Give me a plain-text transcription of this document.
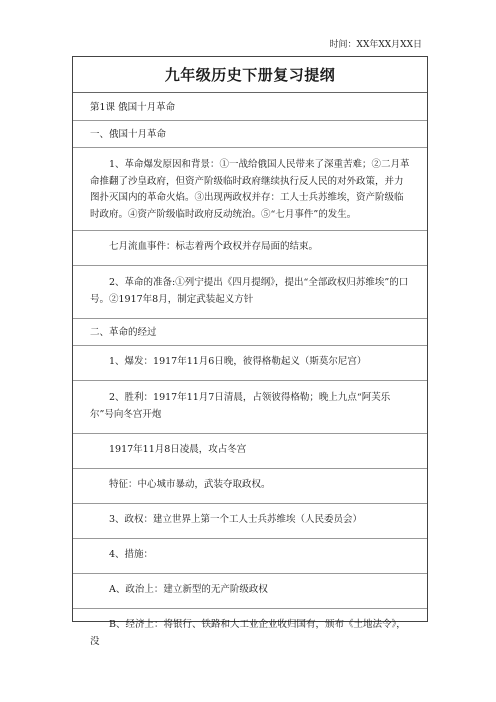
时间：XX年XX月XX日
九年级历史下册复习提纲
第1课 俄国十月革命
一、俄国十月革命
1、革命爆发原因和背景：①一战给俄国人民带来了深重苦难；②二月革命推翻了沙皇政府，但资产阶级临时政府继续执行反人民的对外政策，并力图扑灭国内的革命火焰。③出现两政权并存：工人士兵苏维埃，资产阶级临时政府。④资产阶级临时政府反动统治。⑤“七月事件”的发生。
七月流血事件：标志着两个政权并存局面的结束。
2、革命的准备:①列宁提出《四月提纲》，提出“全部政权归苏维埃”的口号。②1917年8月，制定武装起义方针
二、革命的经过
1、爆发：1917年11月6日晚，彼得格勒起义（斯莫尔尼宫）
2、胜利：1917年11月7日清晨，占领彼得格勒；晚上九点“阿芙乐尔”号向冬宫开炮
1917年11月8日凌晨，攻占冬宫
特征：中心城市暴动，武装夺取政权。
3、政权：建立世界上第一个工人士兵苏维埃（人民委员会）
4、措施：
A、政治上：建立新型的无产阶级政权
B、经济上：将银行、铁路和大工业企业收归国有，颁布《土地法令》，没
